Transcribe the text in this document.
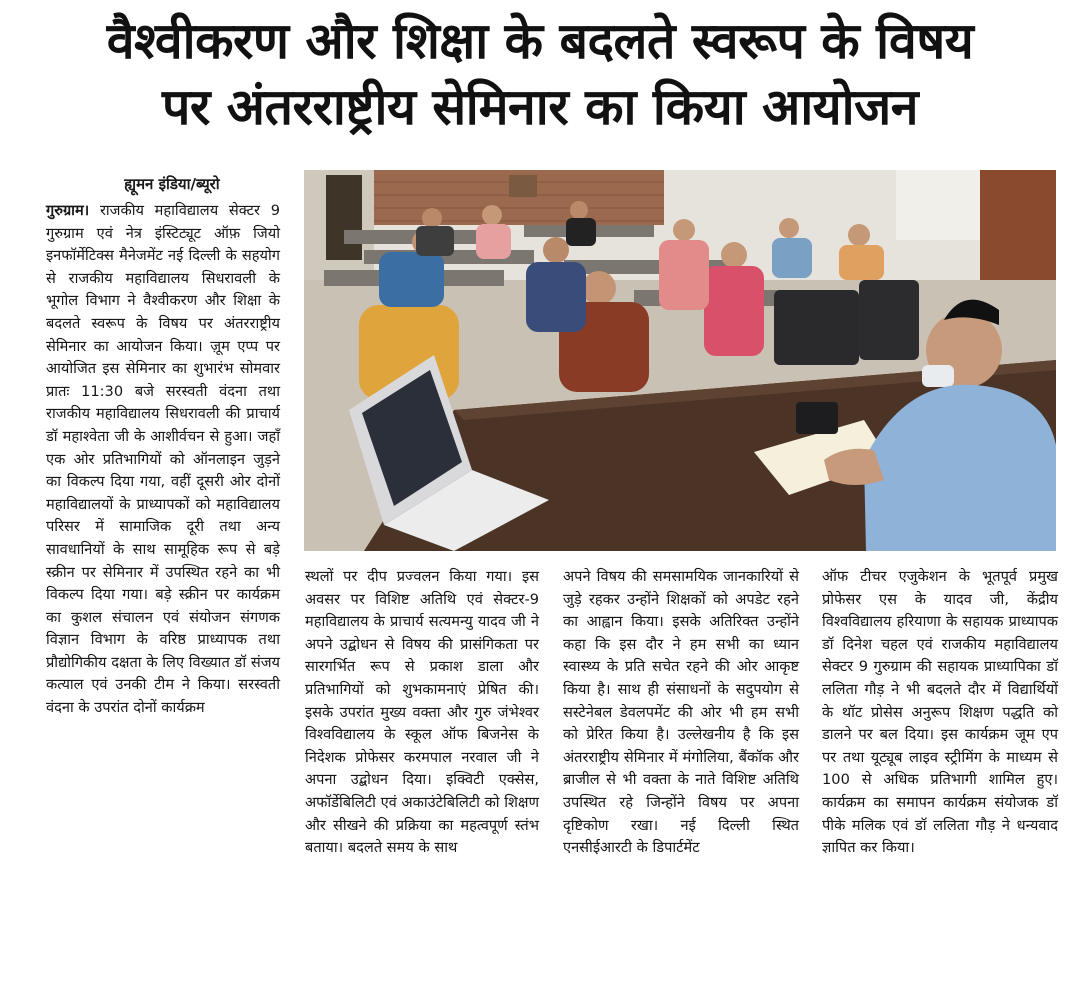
वैश्वीकरण और शिक्षा के बदलते स्वरूप के विषय
पर अंतरराष्ट्रीय सेमिनार का किया आयोजन
ह्यूमन इंडिया/ब्यूरो

गुरुग्राम। राजकीय महाविद्यालय सेक्टर 9 गुरुग्राम एवं नेत्र इंस्टिट्यूट ऑफ़ जियो इनफॉर्मेटिक्स मैनेजमेंट नई दिल्ली के सहयोग से राजकीय महाविद्यालय सिधरावली के भूगोल विभाग ने वैश्वीकरण और शिक्षा के बदलते स्वरूप के विषय पर अंतरराष्ट्रीय सेमिनार का आयोजन किया। ज़ूम एप्प पर आयोजित इस सेमिनार का शुभारंभ सोमवार प्रातः 11:30 बजे सरस्वती वंदना तथा राजकीय महाविद्यालय सिधरावली की प्राचार्य डॉ महाश्वेता जी के आशीर्वचन से हुआ। जहाँ एक ओर प्रतिभागियों को ऑनलाइन जुड़ने का विकल्प दिया गया, वहीं दूसरी ओर दोनों महाविद्यालयों के प्राध्यापकों को महाविद्यालय परिसर में सामाजिक दूरी तथा अन्य सावधानियों के साथ सामूहिक रूप से बड़े स्क्रीन पर सेमिनार में उपस्थित रहने का भी विकल्प दिया गया। बड़े स्क्रीन पर कार्यक्रम का कुशल संचालन एवं संयोजन संगणक विज्ञान विभाग के वरिष्ठ प्राध्यापक तथा प्रौद्योगिकीय दक्षता के लिए विख्यात डॉ संजय कत्याल एवं उनकी टीम ने किया। सरस्वती वंदना के उपरांत दोनों कार्यक्रम

स्थलों पर दीप प्रज्वलन किया गया। इस अवसर पर विशिष्ट अतिथि एवं सेक्टर-9 महाविद्यालय के प्राचार्य सत्यमन्यु यादव जी ने अपने उद्बोधन से विषय की प्रासंगिकता पर सारगर्भित रूप से प्रकाश डाला और प्रतिभागियों को शुभकामनाएं प्रेषित की। इसके उपरांत मुख्य वक्ता और गुरु जंभेश्वर विश्वविद्यालय के स्कूल ऑफ बिजनेस के निदेशक प्रोफेसर करमपाल नरवाल जी ने अपना उद्बोधन दिया। इक्विटी एक्सेस, अफॉर्डेबिलिटी एवं अकाउंटेबिलिटी को शिक्षण और सीखने की प्रक्रिया का महत्वपूर्ण स्तंभ बताया। बदलते समय के साथ

अपने विषय की समसामयिक जानकारियों से जुड़े रहकर उन्होंने शिक्षकों को अपडेट रहने का आह्वान किया। इसके अतिरिक्त उन्होंने कहा कि इस दौर ने हम सभी का ध्यान स्वास्थ्य के प्रति सचेत रहने की ओर आकृष्ट किया है। साथ ही संसाधनों के सदुपयोग से सस्टेनेबल डेवलपमेंट की ओर भी हम सभी को प्रेरित किया है। उल्लेखनीय है कि इस अंतरराष्ट्रीय सेमिनार में मंगोलिया, बैंकॉक और ब्राजील से भी वक्ता के नाते विशिष्ट अतिथि उपस्थित रहे जिन्होंने विषय पर अपना दृष्टिकोण रखा। नई दिल्ली स्थित एनसीईआरटी के डिपार्टमेंट

ऑफ टीचर एजुकेशन के भूतपूर्व प्रमुख प्रोफेसर एस के यादव जी, केंद्रीय विश्वविद्यालय हरियाणा के सहायक प्राध्यापक डॉ दिनेश चहल एवं राजकीय महाविद्यालय सेक्टर 9 गुरुग्राम की सहायक प्राध्यापिका डॉ ललिता गौड़ ने भी बदलते दौर में विद्यार्थियों के थॉट प्रोसेस अनुरूप शिक्षण पद्धति को डालने पर बल दिया। इस कार्यक्रम जूम एप पर तथा यूट्यूब लाइव स्ट्रीमिंग के माध्यम से 100 से अधिक प्रतिभागी शामिल हुए। कार्यक्रम का समापन कार्यक्रम संयोजक डॉ पीके मलिक एवं डॉ ललिता गौड़ ने धन्यवाद ज्ञापित कर किया।
